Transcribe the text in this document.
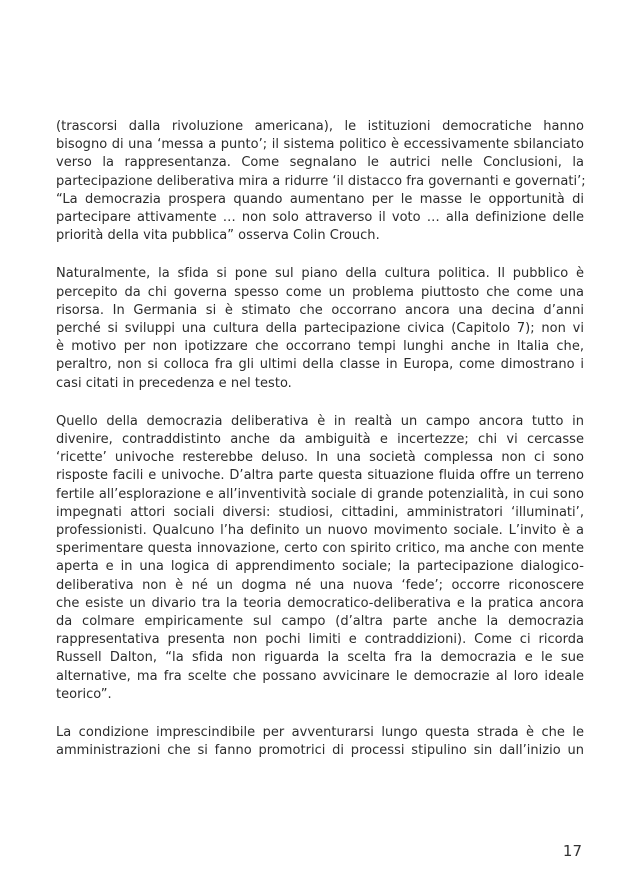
(trascorsi dalla rivoluzione americana), le istituzioni democratiche hanno
bisogno di una ‘messa a punto’; il sistema politico è eccessivamente sbilanciato
verso la rappresentanza. Come segnalano le autrici nelle Conclusioni, la
partecipazione deliberativa mira a ridurre ‘il distacco fra governanti e governati’;
“La democrazia prospera quando aumentano per le masse le opportunità di
partecipare attivamente … non solo attraverso il voto … alla definizione delle
priorità della vita pubblica” osserva Colin Crouch.

Naturalmente, la sfida si pone sul piano della cultura politica. Il pubblico è
percepito da chi governa spesso come un problema piuttosto che come una
risorsa. In Germania si è stimato che occorrano ancora una decina d’anni
perché si sviluppi una cultura della partecipazione civica (Capitolo 7); non vi
è motivo per non ipotizzare che occorrano tempi lunghi anche in Italia che,
peraltro, non si colloca fra gli ultimi della classe in Europa, come dimostrano i
casi citati in precedenza e nel testo.

Quello della democrazia deliberativa è in realtà un campo ancora tutto in
divenire, contraddistinto anche da ambiguità e incertezze; chi vi cercasse
‘ricette’ univoche resterebbe deluso. In una società complessa non ci sono
risposte facili e univoche. D’altra parte questa situazione fluida offre un terreno
fertile all’esplorazione e all’inventività sociale di grande potenzialità, in cui sono
impegnati attori sociali diversi: studiosi, cittadini, amministratori ‘illuminati’,
professionisti. Qualcuno l’ha definito un nuovo movimento sociale. L’invito è a
sperimentare questa innovazione, certo con spirito critico, ma anche con mente
aperta e in una logica di apprendimento sociale; la partecipazione dialogico-
deliberativa non è né un dogma né una nuova ‘fede’; occorre riconoscere
che esiste un divario tra la teoria democratico-deliberativa e la pratica ancora
da colmare empiricamente sul campo (d’altra parte anche la democrazia
rappresentativa presenta non pochi limiti e contraddizioni). Come ci ricorda
Russell Dalton, “la sfida non riguarda la scelta fra la democrazia e le sue
alternative, ma fra scelte che possano avvicinare le democrazie al loro ideale
teorico”.

La condizione imprescindibile per avventurarsi lungo questa strada è che le
amministrazioni che si fanno promotrici di processi stipulino sin dall’inizio un

17
